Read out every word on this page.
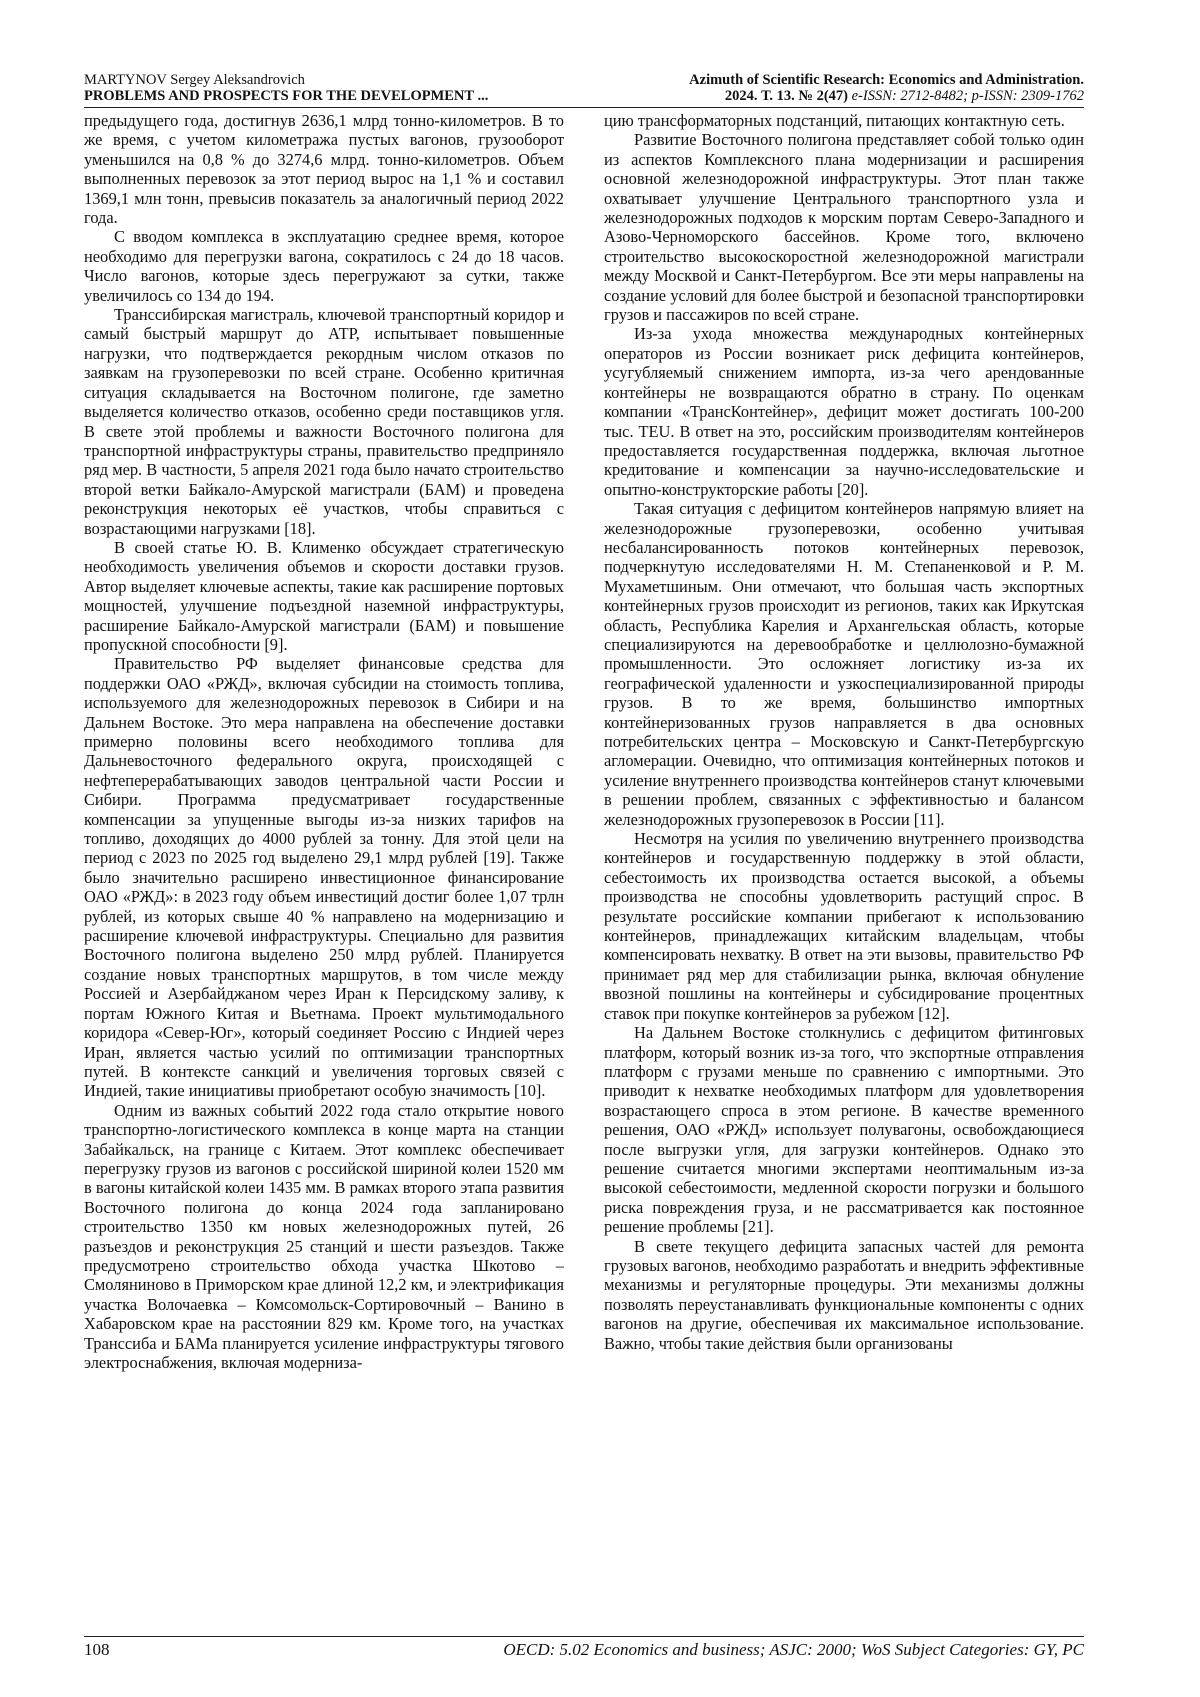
MARTYNOV Sergey Aleksandrovich
PROBLEMS AND PROSPECTS FOR THE DEVELOPMENT ...
Azimuth of Scientific Research: Economics and Administration.
2024. Т. 13. № 2(47) e-ISSN: 2712-8482; p-ISSN: 2309-1762

предыдущего года, достигнув 2636,1 млрд тонно-километров. В то же время, с учетом километража пустых вагонов, грузооборот уменьшился на 0,8 % до 3274,6 млрд. тонно-километров. Объем выполненных перевозок за этот период вырос на 1,1 % и составил 1369,1 млн тонн, превысив показатель за аналогичный период 2022 года.

С вводом комплекса в эксплуатацию среднее время, которое необходимо для перегрузки вагона, сократилось с 24 до 18 часов. Число вагонов, которые здесь перегружают за сутки, также увеличилось со 134 до 194.

Транссибирская магистраль, ключевой транспортный коридор и самый быстрый маршрут до АТР, испытывает повышенные нагрузки, что подтверждается рекордным числом отказов по заявкам на грузоперевозки по всей стране. Особенно критичная ситуация складывается на Восточном полигоне, где заметно выделяется количество отказов, особенно среди поставщиков угля. В свете этой проблемы и важности Восточного полигона для транспортной инфраструктуры страны, правительство предприняло ряд мер. В частности, 5 апреля 2021 года было начато строительство второй ветки Байкало-Амурской магистрали (БАМ) и проведена реконструкция некоторых её участков, чтобы справиться с возрастающими нагрузками [18].

В своей статье Ю. В. Клименко обсуждает стратегическую необходимость увеличения объемов и скорости доставки грузов. Автор выделяет ключевые аспекты, такие как расширение портовых мощностей, улучшение подъездной наземной инфраструктуры, расширение Байкало-Амурской магистрали (БАМ) и повышение пропускной способности [9].

Правительство РФ выделяет финансовые средства для поддержки ОАО «РЖД», включая субсидии на стоимость топлива, используемого для железнодорожных перевозок в Сибири и на Дальнем Востоке. Это мера направлена на обеспечение доставки примерно половины всего необходимого топлива для Дальневосточного федерального округа, происходящей с нефтеперерабатывающих заводов центральной части России и Сибири. Программа предусматривает государственные компенсации за упущенные выгоды из-за низких тарифов на топливо, доходящих до 4000 рублей за тонну. Для этой цели на период с 2023 по 2025 год выделено 29,1 млрд рублей [19]. Также было значительно расширено инвестиционное финансирование ОАО «РЖД»: в 2023 году объем инвестиций достиг более 1,07 трлн рублей, из которых свыше 40 % направлено на модернизацию и расширение ключевой инфраструктуры. Специально для развития Восточного полигона выделено 250 млрд рублей. Планируется создание новых транспортных маршрутов, в том числе между Россией и Азербайджаном через Иран к Персидскому заливу, к портам Южного Китая и Вьетнама. Проект мультимодального коридора «Север-Юг», который соединяет Россию с Индией через Иран, является частью усилий по оптимизации транспортных путей. В контексте санкций и увеличения торговых связей с Индией, такие инициативы приобретают особую значимость [10].

Одним из важных событий 2022 года стало открытие нового транспортно-логистического комплекса в конце марта на станции Забайкальск, на границе с Китаем. Этот комплекс обеспечивает перегрузку грузов из вагонов с российской шириной колеи 1520 мм в вагоны китайской колеи 1435 мм. В рамках второго этапа развития Восточного полигона до конца 2024 года запланировано строительство 1350 км новых железнодорожных путей, 26 разъездов и реконструкция 25 станций и шести разъездов. Также предусмотрено строительство обхода участка Шкотово – Смоляниново в Приморском крае длиной 12,2 км, и электрификация участка Волочаевка – Комсомольск-Сортировочный – Ванино в Хабаровском крае на расстоянии 829 км. Кроме того, на участках Транссиба и БАМа планируется усиление инфраструктуры тягового электроснабжения, включая модерниза-

цию трансформаторных подстанций, питающих контактную сеть.

Развитие Восточного полигона представляет собой только один из аспектов Комплексного плана модернизации и расширения основной железнодорожной инфраструктуры. Этот план также охватывает улучшение Центрального транспортного узла и железнодорожных подходов к морским портам Северо-Западного и Азово-Черноморского бассейнов. Кроме того, включено строительство высокоскоростной железнодорожной магистрали между Москвой и Санкт-Петербургом. Все эти меры направлены на создание условий для более быстрой и безопасной транспортировки грузов и пассажиров по всей стране.

Из-за ухода множества международных контейнерных операторов из России возникает риск дефицита контейнеров, усугубляемый снижением импорта, из-за чего арендованные контейнеры не возвращаются обратно в страну. По оценкам компании «ТрансКонтейнер», дефицит может достигать 100-200 тыс. TEU. В ответ на это, российским производителям контейнеров предоставляется государственная поддержка, включая льготное кредитование и компенсации за научно-исследовательские и опытно-конструкторские работы [20].

Такая ситуация с дефицитом контейнеров напрямую влияет на железнодорожные грузоперевозки, особенно учитывая несбалансированность потоков контейнерных перевозок, подчеркнутую исследователями Н. М. Степаненковой и Р. М. Мухаметшиным. Они отмечают, что большая часть экспортных контейнерных грузов происходит из регионов, таких как Иркутская область, Республика Карелия и Архангельская область, которые специализируются на деревообработке и целлюлозно-бумажной промышленности. Это осложняет логистику из-за их географической удаленности и узкоспециализированной природы грузов. В то же время, большинство импортных контейнеризованных грузов направляется в два основных потребительских центра – Московскую и Санкт-Петербургскую агломерации. Очевидно, что оптимизация контейнерных потоков и усиление внутреннего производства контейнеров станут ключевыми в решении проблем, связанных с эффективностью и балансом железнодорожных грузоперевозок в России [11].

Несмотря на усилия по увеличению внутреннего производства контейнеров и государственную поддержку в этой области, себестоимость их производства остается высокой, а объемы производства не способны удовлетворить растущий спрос. В результате российские компании прибегают к использованию контейнеров, принадлежащих китайским владельцам, чтобы компенсировать нехватку. В ответ на эти вызовы, правительство РФ принимает ряд мер для стабилизации рынка, включая обнуление ввозной пошлины на контейнеры и субсидирование процентных ставок при покупке контейнеров за рубежом [12].

На Дальнем Востоке столкнулись с дефицитом фитинговых платформ, который возник из-за того, что экспортные отправления платформ с грузами меньше по сравнению с импортными. Это приводит к нехватке необходимых платформ для удовлетворения возрастающего спроса в этом регионе. В качестве временного решения, ОАО «РЖД» использует полувагоны, освобождающиеся после выгрузки угля, для загрузки контейнеров. Однако это решение считается многими экспертами неоптимальным из-за высокой себестоимости, медленной скорости погрузки и большого риска повреждения груза, и не рассматривается как постоянное решение проблемы [21].

В свете текущего дефицита запасных частей для ремонта грузовых вагонов, необходимо разработать и внедрить эффективные механизмы и регуляторные процедуры. Эти механизмы должны позволять переустанавливать функциональные компоненты с одних вагонов на другие, обеспечивая их максимальное использование. Важно, чтобы такие действия были организованы

108	OECD: 5.02 Economics and business; ASJC: 2000; WoS Subject Categories: GY, PC
